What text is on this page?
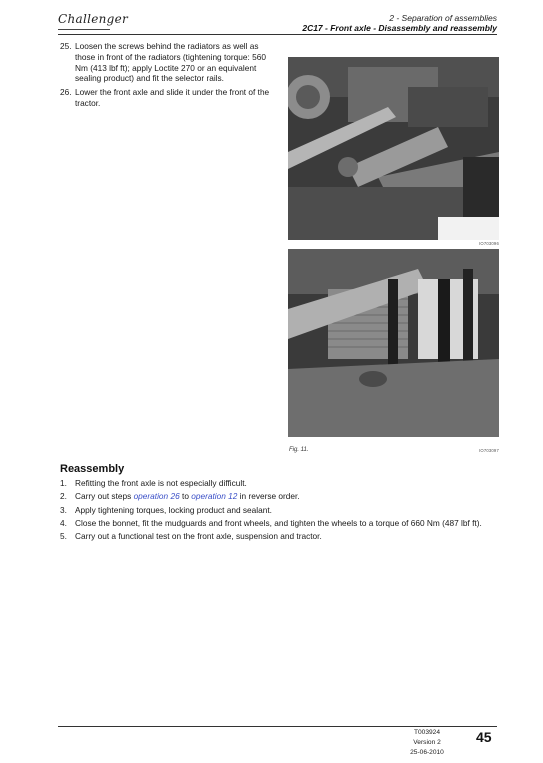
Challenger	2 - Separation of assemblies
2C17 - Front axle - Disassembly and reassembly
25. Loosen the screws behind the radiators as well as those in front of the radiators (tightening torque: 560 Nm (413 lbf ft); apply Loctite 270 or an equivalent sealing product) and fit the selector rails.
26. Lower the front axle and slide it under the front of the tractor.
IO703096
Fig. 11.	IO703097
Reassembly
1. Refitting the front axle is not especially difficult.
2. Carry out steps operation 26 to operation 12 in reverse order.
3. Apply tightening torques, locking product and sealant.
4. Close the bonnet, fit the mudguards and front wheels, and tighten the wheels to a torque of 660 Nm (487 lbf ft).
5. Carry out a functional test on the front axle, suspension and tractor.
T003924
Version 2
25-06-2010
45
